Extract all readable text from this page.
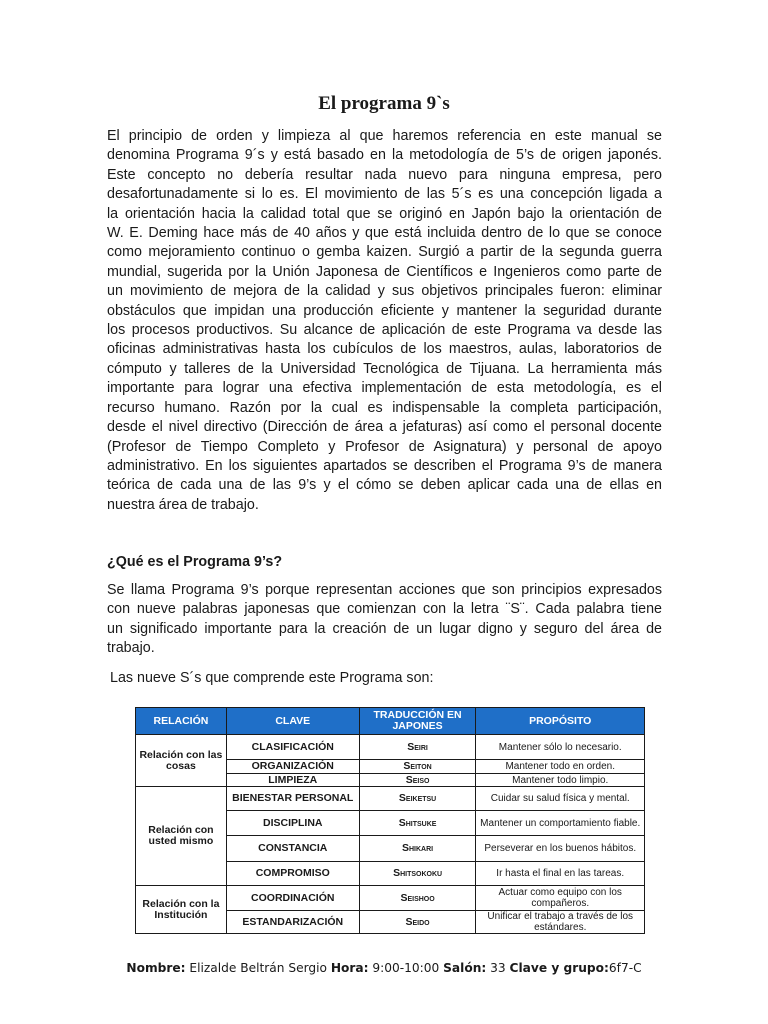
El programa 9`s
El principio de orden y limpieza al que haremos referencia en este manual se
denomina Programa 9´s y está basado en la metodología de 5’s de origen japonés.
Este concepto no debería resultar nada nuevo para ninguna empresa, pero
desafortunadamente si lo es. El movimiento de las 5´s es una concepción ligada a
la orientación hacia la calidad total que se originó en Japón bajo la orientación de
W. E. Deming hace más de 40 años y que está incluida dentro de lo que se conoce
como mejoramiento continuo o gemba kaizen. Surgió a partir de la segunda guerra
mundial, sugerida por la Unión Japonesa de Científicos e Ingenieros como parte de
un movimiento de mejora de la calidad y sus objetivos principales fueron: eliminar
obstáculos que impidan una producción eficiente y mantener la seguridad durante
los procesos productivos. Su alcance de aplicación de este Programa va desde las
oficinas administrativas hasta los cubículos de los maestros, aulas, laboratorios de
cómputo y talleres de la Universidad Tecnológica de Tijuana. La herramienta más
importante para lograr una efectiva implementación de esta metodología, es el
recurso humano. Razón por la cual es indispensable la completa participación,
desde el nivel directivo (Dirección de área a jefaturas) así como el personal docente
(Profesor de Tiempo Completo y Profesor de Asignatura) y personal de apoyo
administrativo. En los siguientes apartados se describen el Programa 9’s de manera
teórica de cada una de las 9’s y el cómo se deben aplicar cada una de ellas en
nuestra área de trabajo.
¿Qué es el Programa 9’s?
Se llama Programa 9’s porque representan acciones que son principios expresados
con nueve palabras japonesas que comienzan con la letra ¨S¨. Cada palabra tiene
un significado importante para la creación de un lugar digno y seguro del área de
trabajo.
Las nueve S´s que comprende este Programa son:
RELACIÓN	CLAVE	TRADUCCIÓN EN JAPONES	PROPÓSITO
Relación con las cosas	CLASIFICACIÓN	Seiri	Mantener sólo lo necesario.
	ORGANIZACIÓN	Seiton	Mantener todo en orden.
	LIMPIEZA	Seiso	Mantener todo limpio.
Relación con usted mismo	BIENESTAR PERSONAL	Seiketsu	Cuidar su salud física y mental.
	DISCIPLINA	Shitsuke	Mantener un comportamiento fiable.
	CONSTANCIA	Shikari	Perseverar en los buenos hábitos.
	COMPROMISO	Shitsokoku	Ir hasta el final en las tareas.
Relación con la Institución	COORDINACIÓN	Seishoo	Actuar como equipo con los compañeros.
	ESTANDARIZACIÓN	Seido	Unificar el trabajo a través de los estándares.
Nombre: Elizalde Beltrán Sergio Hora: 9:00-10:00 Salón: 33 Clave y grupo:6f7-C
